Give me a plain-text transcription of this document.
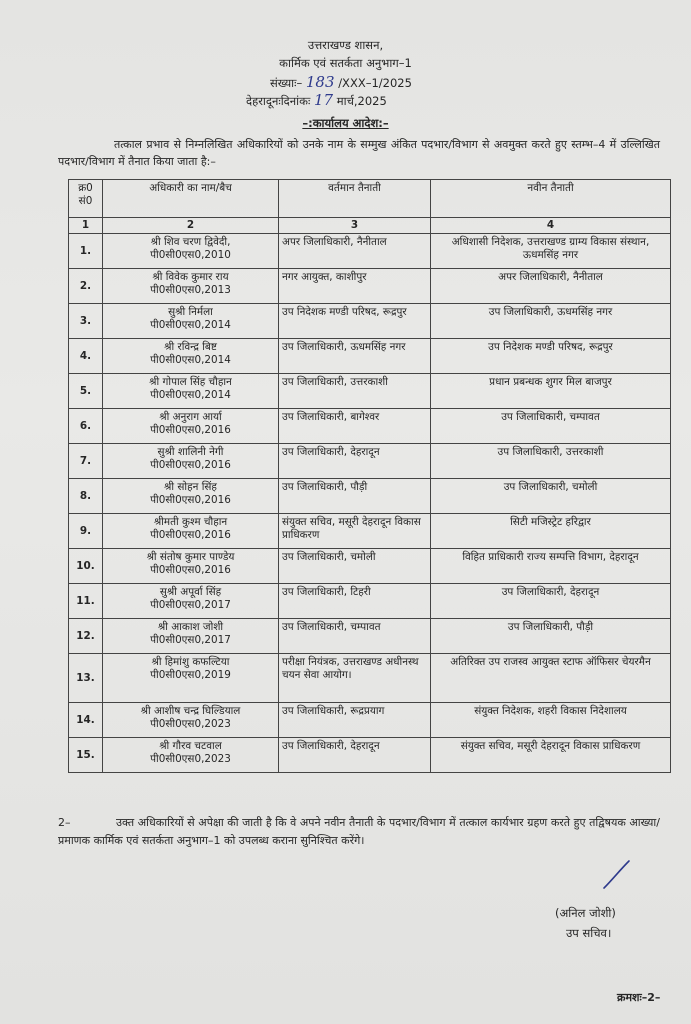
उत्तराखण्ड शासन,
कार्मिक एवं सतर्कता अनुभाग–1
संख्याः– 183 /XXX–1/2025
देहरादूनःदिनांकः 17 मार्च,2025
–:कार्यालय आदेश:–
तत्काल प्रभाव से निम्नलिखित अधिकारियों को उनके नाम के सम्मुख अंकित पदभार/विभाग से अवमुक्त करते हुए स्तम्भ–4 में उल्लिखित पदभार/विभाग में तैनात किया जाता है:–
क्र0 सं0	अधिकारी का नाम/बैच	वर्तमान तैनाती	नवीन तैनाती
1	2	3	4
1.	श्री शिव चरण द्विवेदी,
पी0सी0एस0,2010	अपर जिलाधिकारी, नैनीताल	अधिशासी निदेशक, उत्तराखण्ड ग्राम्य विकास संस्थान, ऊधमसिंह नगर
2.	श्री विवेक कुमार राय
पी0सी0एस0,2013	नगर आयुक्त, काशीपुर	अपर जिलाधिकारी, नैनीताल
3.	सुश्री निर्मला
पी0सी0एस0,2014	उप निदेशक मण्डी परिषद, रूद्रपुर	उप जिलाधिकारी, ऊधमसिंह नगर
4.	श्री रविन्द्र बिष्ट
पी0सी0एस0,2014	उप जिलाधिकारी, ऊधमसिंह नगर	उप निदेशक मण्डी परिषद, रूद्रपुर
5.	श्री गोपाल सिंह चौहान
पी0सी0एस0,2014	उप जिलाधिकारी, उत्तरकाशी	प्रधान प्रबन्धक शुगर मिल बाजपुर
6.	श्री अनुराग आर्या
पी0सी0एस0,2016	उप जिलाधिकारी, बागेश्वर	उप जिलाधिकारी, चम्पावत
7.	सुश्री शालिनी नेगी
पी0सी0एस0,2016	उप जिलाधिकारी, देहरादून	उप जिलाधिकारी, उत्तरकाशी
8.	श्री सोहन सिंह
पी0सी0एस0,2016	उप जिलाधिकारी, पौड़ी	उप जिलाधिकारी, चमोली
9.	श्रीमती कुश्म चौहान
पी0सी0एस0,2016	संयुक्त सचिव, मसूरी देहरादून विकास प्राधिकरण	सिटी मजिस्ट्रेट हरिद्वार
10.	श्री संतोष कुमार पाण्डेय
पी0सी0एस0,2016	उप जिलाधिकारी, चमोली	विहित प्राधिकारी राज्य सम्पत्ति विभाग, देहरादून
11.	सुश्री अपूर्वा सिंह
पी0सी0एस0,2017	उप जिलाधिकारी, टिहरी	उप जिलाधिकारी, देहरादून
12.	श्री आकाश जोशी
पी0सी0एस0,2017	उप जिलाधिकारी, चम्पावत	उप जिलाधिकारी, पौड़ी
13.	श्री हिमांशु कफल्टिया
पी0सी0एस0,2019	परीक्षा नियंत्रक, उत्तराखण्ड अधीनस्थ चयन सेवा आयोग।	अतिरिक्त उप राजस्व आयुक्त स्टाफ ऑफिसर चेयरमैन
14.	श्री आशीष चन्द्र घिल्डियाल
पी0सी0एस0,2023	उप जिलाधिकारी, रूद्रप्रयाग	संयुक्त निदेशक, शहरी विकास निदेशालय
15.	श्री गौरव चटवाल
पी0सी0एस0,2023	उप जिलाधिकारी, देहरादून	संयुक्त सचिव, मसूरी देहरादून विकास प्राधिकरण
2–	उक्त अधिकारियों से अपेक्षा की जाती है कि वे अपने नवीन तैनाती के पदभार/विभाग में तत्काल कार्यभार ग्रहण करते हुए तद्विषयक आख्या/प्रमाणक कार्मिक एवं सतर्कता अनुभाग–1 को उपलब्ध कराना सुनिश्चित करेंगे।
(अनिल जोशी)
उप सचिव।
क्रमशः–2–
